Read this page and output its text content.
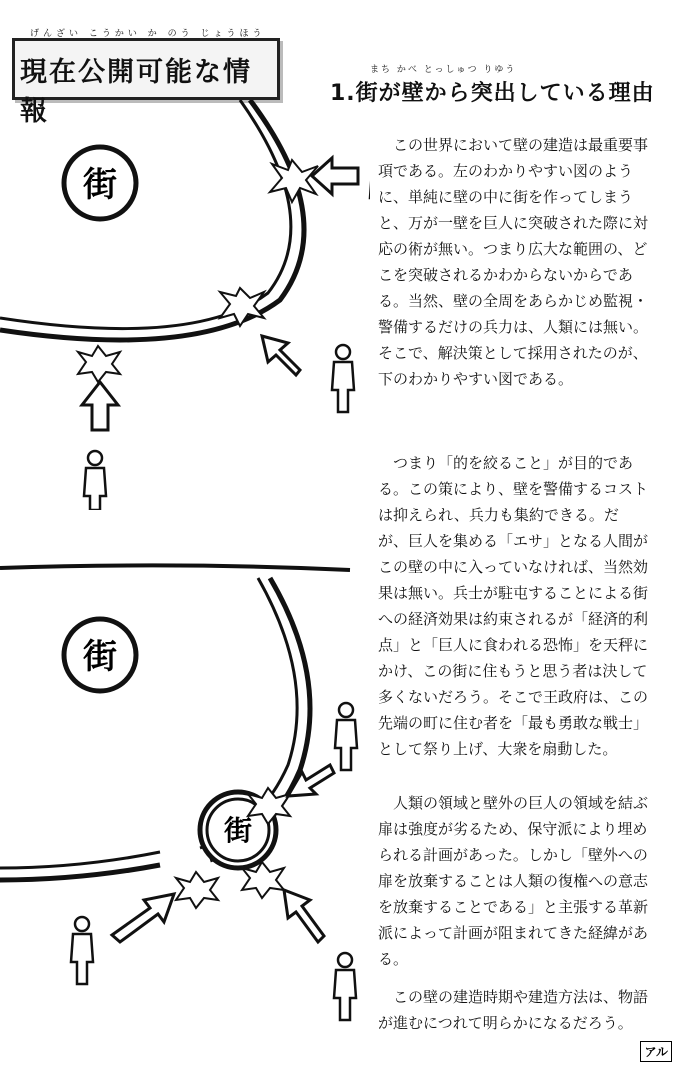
現在公開可能な情報
げんざい こうかい か のう じょうほう
まち かべ とっしゅつ りゆう
1.街が壁から突出している理由
街
街
街

この世界において壁の建造は最重要事項である。左のわかりやすい図のように、単純に壁の中に街を作ってしまうと、万が一壁を巨人に突破された際に対応の術が無い。つまり広大な範囲の、どこを突破されるかわからないからである。当然、壁の全周をあらかじめ監視・警備するだけの兵力は、人類には無い。そこで、解決策として採用されたのが、下のわかりやすい図である。

つまり「的を絞ること」が目的である。この策により、壁を警備するコストは抑えられ、兵力も集約できる。だが、巨人を集める「エサ」となる人間がこの壁の中に入っていなければ、当然効果は無い。兵士が駐屯することによる街への経済効果は約束されるが「経済的利点」と「巨人に食われる恐怖」を天秤にかけ、この街に住もうと思う者は決して多くないだろう。そこで王政府は、この先端の町に住む者を「最も勇敢な戦士」として祭り上げ、大衆を扇動した。

人類の領域と壁外の巨人の領域を結ぶ扉は強度が劣るため、保守派により埋められる計画があった。しかし「壁外への扉を放棄することは人類の復権への意志を放棄することである」と主張する革新派によって計画が阻まれてきた経緯がある。

この壁の建造時期や建造方法は、物語が進むにつれて明らかになるだろう。

アル
